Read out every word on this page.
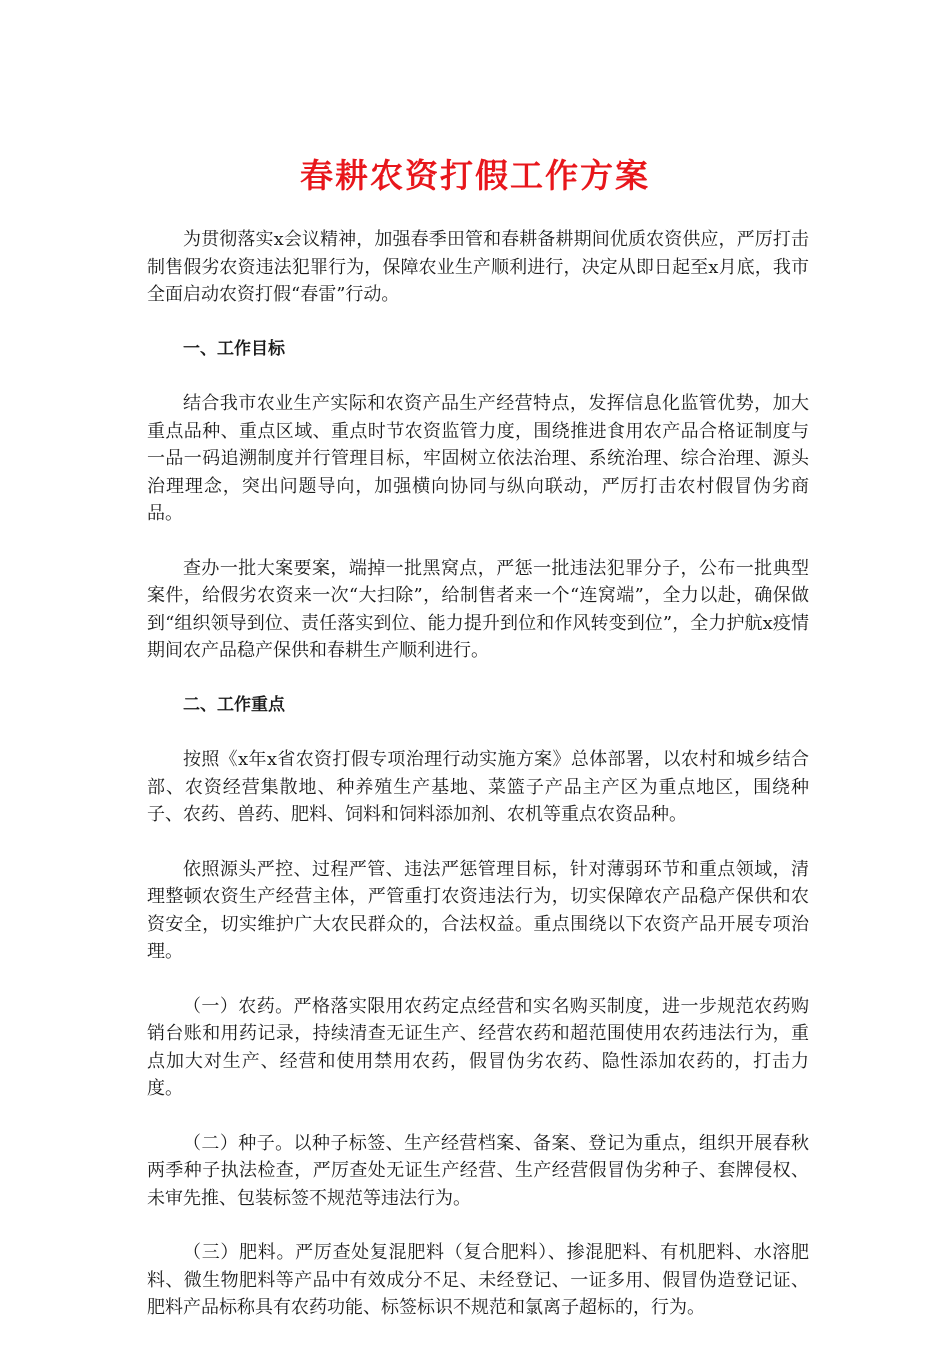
春耕农资打假工作方案

为贯彻落实x会议精神，加强春季田管和春耕备耕期间优质农资供应，严厉打击制售假劣农资违法犯罪行为，保障农业生产顺利进行，决定从即日起至x月底，我市全面启动农资打假“春雷”行动。

一、工作目标

结合我市农业生产实际和农资产品生产经营特点，发挥信息化监管优势，加大重点品种、重点区域、重点时节农资监管力度，围绕推进食用农产品合格证制度与一品一码追溯制度并行管理目标，牢固树立依法治理、系统治理、综合治理、源头治理理念，突出问题导向，加强横向协同与纵向联动，严厉打击农村假冒伪劣商品。

查办一批大案要案，端掉一批黑窝点，严惩一批违法犯罪分子，公布一批典型案件，给假劣农资来一次“大扫除”，给制售者来一个“连窝端”，全力以赴，确保做到“组织领导到位、责任落实到位、能力提升到位和作风转变到位”，全力护航x疫情期间农产品稳产保供和春耕生产顺利进行。

二、工作重点

按照《x年x省农资打假专项治理行动实施方案》总体部署，以农村和城乡结合部、农资经营集散地、种养殖生产基地、菜篮子产品主产区为重点地区，围绕种子、农药、兽药、肥料、饲料和饲料添加剂、农机等重点农资品种。

依照源头严控、过程严管、违法严惩管理目标，针对薄弱环节和重点领域，清理整顿农资生产经营主体，严管重打农资违法行为，切实保障农产品稳产保供和农资安全，切实维护广大农民群众的，合法权益。重点围绕以下农资产品开展专项治理。

（一）农药。严格落实限用农药定点经营和实名购买制度，进一步规范农药购销台账和用药记录，持续清查无证生产、经营农药和超范围使用农药违法行为，重点加大对生产、经营和使用禁用农药，假冒伪劣农药、隐性添加农药的，打击力度。

（二）种子。以种子标签、生产经营档案、备案、登记为重点，组织开展春秋两季种子执法检查，严厉查处无证生产经营、生产经营假冒伪劣种子、套牌侵权、未审先推、包装标签不规范等违法行为。

（三）肥料。严厉查处复混肥料（复合肥料）、掺混肥料、有机肥料、水溶肥料、微生物肥料等产品中有效成分不足、未经登记、一证多用、假冒伪造登记证、肥料产品标称具有农药功能、标签标识不规范和氯离子超标的，行为。
